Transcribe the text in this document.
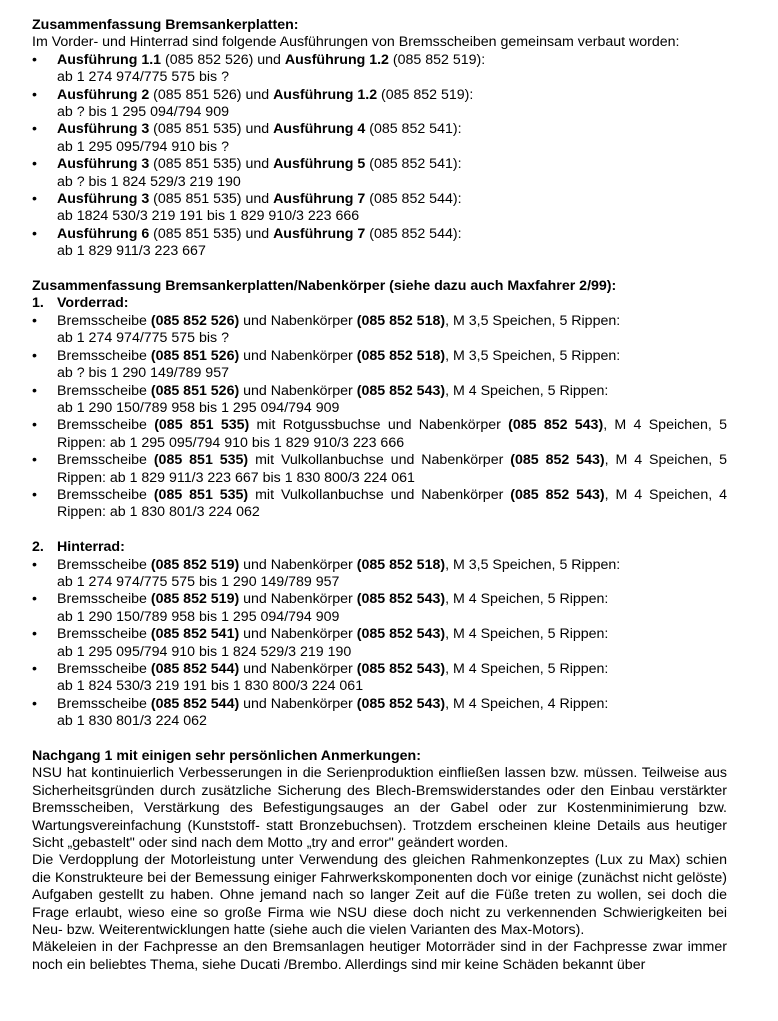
Zusammenfassung Bremsankerplatten:

Im Vorder- und Hinterrad sind folgende Ausführungen von Bremsscheiben gemeinsam verbaut worden:

• Ausführung 1.1 (085 852 526) und Ausführung 1.2 (085 852 519):
ab 1 274 974/775 575 bis ?
• Ausführung 2 (085 851 526) und Ausführung 1.2 (085 852 519):
ab ? bis 1 295 094/794 909
• Ausführung 3 (085 851 535) und Ausführung 4 (085 852 541):
ab 1 295 095/794 910 bis ?
• Ausführung 3 (085 851 535) und Ausführung 5 (085 852 541):
ab ? bis 1 824 529/3 219 190
• Ausführung 3 (085 851 535) und Ausführung 7 (085 852 544):
ab 1824 530/3 219 191 bis 1 829 910/3 223 666
• Ausführung 6 (085 851 535) und Ausführung 7 (085 852 544):
ab 1 829 911/3 223 667

Zusammenfassung Bremsankerplatten/Nabenkörper (siehe dazu auch Maxfahrer 2/99):

1. Vorderrad:
• Bremsscheibe (085 852 526) und Nabenkörper (085 852 518), M 3,5 Speichen, 5 Rippen:
ab 1 274 974/775 575 bis ?
• Bremsscheibe (085 851 526) und Nabenkörper (085 852 518), M 3,5 Speichen, 5 Rippen:
ab ? bis 1 290 149/789 957
• Bremsscheibe (085 851 526) und Nabenkörper (085 852 543), M 4 Speichen, 5 Rippen:
ab 1 290 150/789 958 bis 1 295 094/794 909
• Bremsscheibe (085 851 535) mit Rotgussbuchse und Nabenkörper (085 852 543), M 4 Speichen, 5
Rippen: ab 1 295 095/794 910 bis 1 829 910/3 223 666
• Bremsscheibe (085 851 535) mit Vulkollanbuchse und Nabenkörper (085 852 543), M 4 Speichen, 5
Rippen: ab 1 829 911/3 223 667 bis 1 830 800/3 224 061
• Bremsscheibe (085 851 535) mit Vulkollanbuchse und Nabenkörper (085 852 543), M 4 Speichen, 4
Rippen: ab 1 830 801/3 224 062
2. Hinterrad:
• Bremsscheibe (085 852 519) und Nabenkörper (085 852 518), M 3,5 Speichen, 5 Rippen:
ab 1 274 974/775 575 bis 1 290 149/789 957
• Bremsscheibe (085 852 519) und Nabenkörper (085 852 543), M 4 Speichen, 5 Rippen:
ab 1 290 150/789 958 bis 1 295 094/794 909
• Bremsscheibe (085 852 541) und Nabenkörper (085 852 543), M 4 Speichen, 5 Rippen:
ab 1 295 095/794 910 bis 1 824 529/3 219 190
• Bremsscheibe (085 852 544) und Nabenkörper (085 852 543), M 4 Speichen, 5 Rippen:
ab 1 824 530/3 219 191 bis 1 830 800/3 224 061
• Bremsscheibe (085 852 544) und Nabenkörper (085 852 543), M 4 Speichen, 4 Rippen:
ab 1 830 801/3 224 062

Nachgang 1 mit einigen sehr persönlichen Anmerkungen:

NSU hat kontinuierlich Verbesserungen in die Serienproduktion einfließen lassen bzw. müssen. Teilweise aus Sicherheitsgründen durch zusätzliche Sicherung des Blech-Bremswiderstandes oder den Einbau verstärkter Bremsscheiben, Verstärkung des Befestigungsauges an der Gabel oder zur Kostenminimierung bzw. Wartungsvereinfachung (Kunststoff- statt Bronzebuchsen). Trotzdem erscheinen kleine Details aus heutiger Sicht „gebastelt" oder sind nach dem Motto „try and error" geändert worden.

Die Verdopplung der Motorleistung unter Verwendung des gleichen Rahmenkonzeptes (Lux zu Max) schien die Konstrukteure bei der Bemessung einiger Fahrwerkskomponenten doch vor einige (zunächst nicht gelöste) Aufgaben gestellt zu haben. Ohne jemand nach so langer Zeit auf die Füße treten zu wollen, sei doch die Frage erlaubt, wieso eine so große Firma wie NSU diese doch nicht zu verkennenden Schwierigkeiten bei Neu- bzw. Weiterentwicklungen hatte (siehe auch die vielen Varianten des Max-Motors).

Mäkeleien in der Fachpresse an den Bremsanlagen heutiger Motorräder sind in der Fachpresse zwar immer noch ein beliebtes Thema, siehe Ducati /Brembo. Allerdings sind mir keine Schäden bekannt über
